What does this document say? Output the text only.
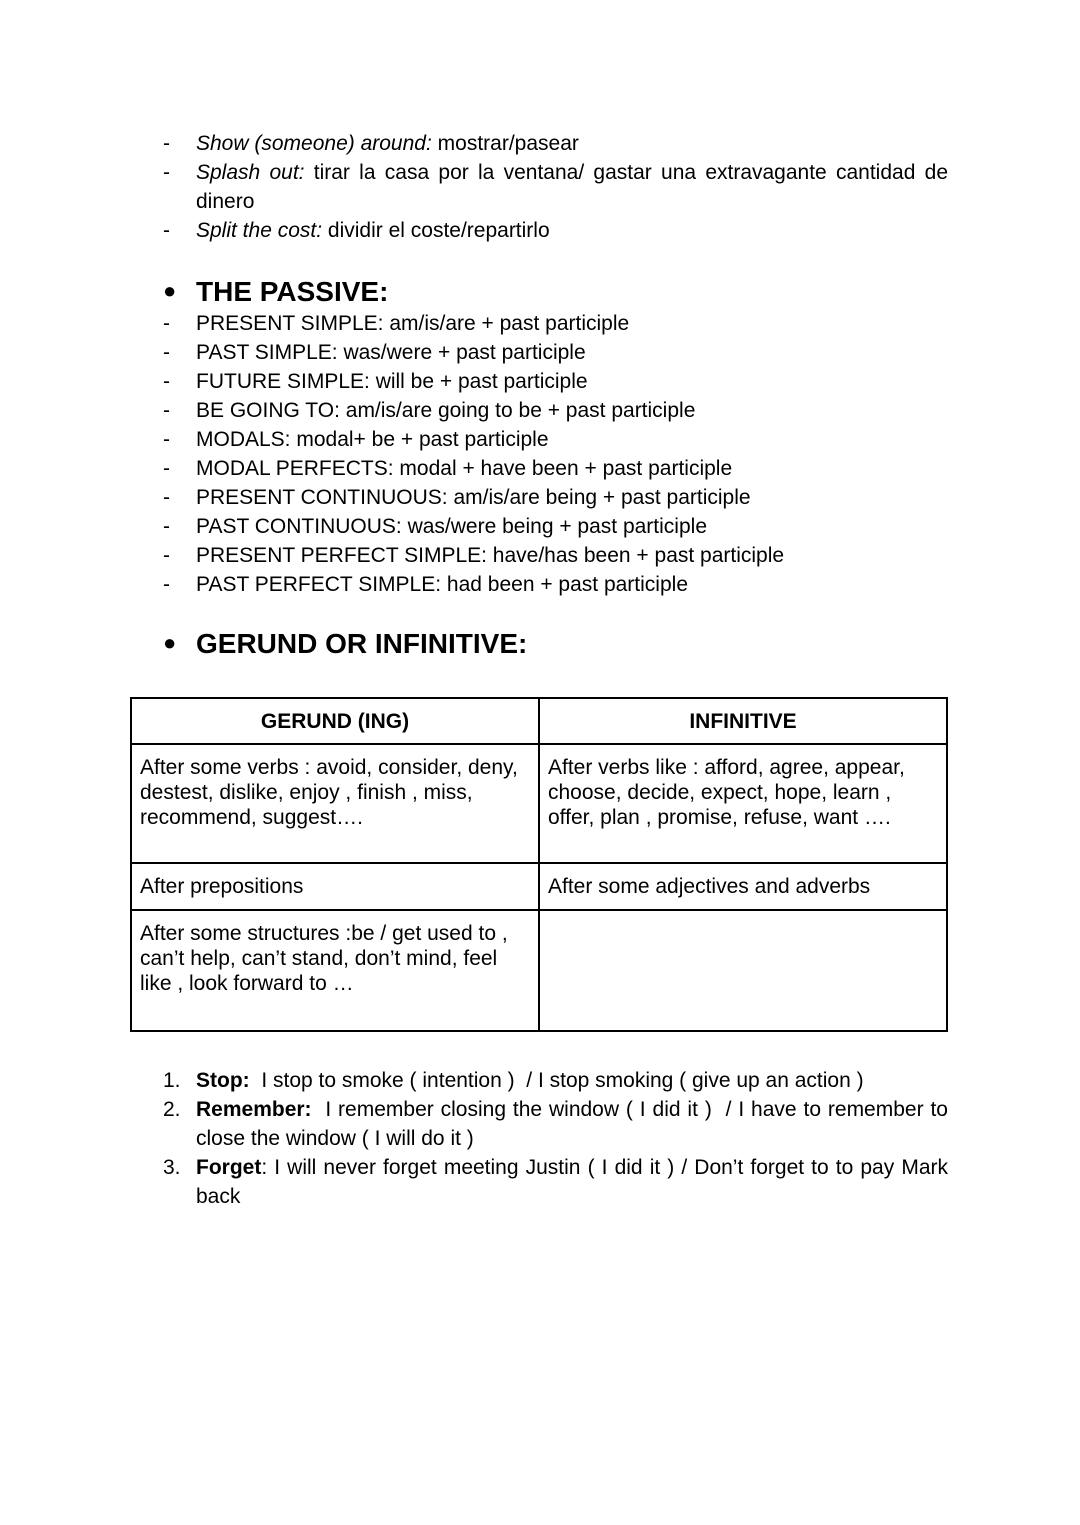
- Show (someone) around: mostrar/pasear
- Splash out: tirar la casa por la ventana/ gastar una extravagante cantidad de dinero
- Split the cost: dividir el coste/repartirlo
● THE PASSIVE:
- PRESENT SIMPLE: am/is/are + past participle
- PAST SIMPLE: was/were + past participle
- FUTURE SIMPLE: will be + past participle
- BE GOING TO: am/is/are going to be + past participle
- MODALS: modal+ be + past participle
- MODAL PERFECTS: modal + have been + past participle
- PRESENT CONTINUOUS: am/is/are being + past participle
- PAST CONTINUOUS: was/were being + past participle
- PRESENT PERFECT SIMPLE: have/has been + past participle
- PAST PERFECT SIMPLE: had been + past participle
● GERUND OR INFINITIVE:
GERUND (ING)	INFINITIVE
After some verbs : avoid, consider, deny, destest, dislike, enjoy , finish , miss, recommend, suggest….	After verbs like : afford, agree, appear, choose, decide, expect, hope, learn , offer, plan , promise, refuse, want ….
After prepositions	After some adjectives and adverbs
After some structures :be / get used to , can’t help, can’t stand, don’t mind, feel like , look forward to …	
1. Stop:  I stop to smoke ( intention )  / I stop smoking ( give up an action )
2. Remember:  I remember closing the window ( I did it )  / I have to remember to close the window ( I will do it )
3. Forget: I will never forget meeting Justin ( I did it ) / Don’t forget to to pay Mark back
